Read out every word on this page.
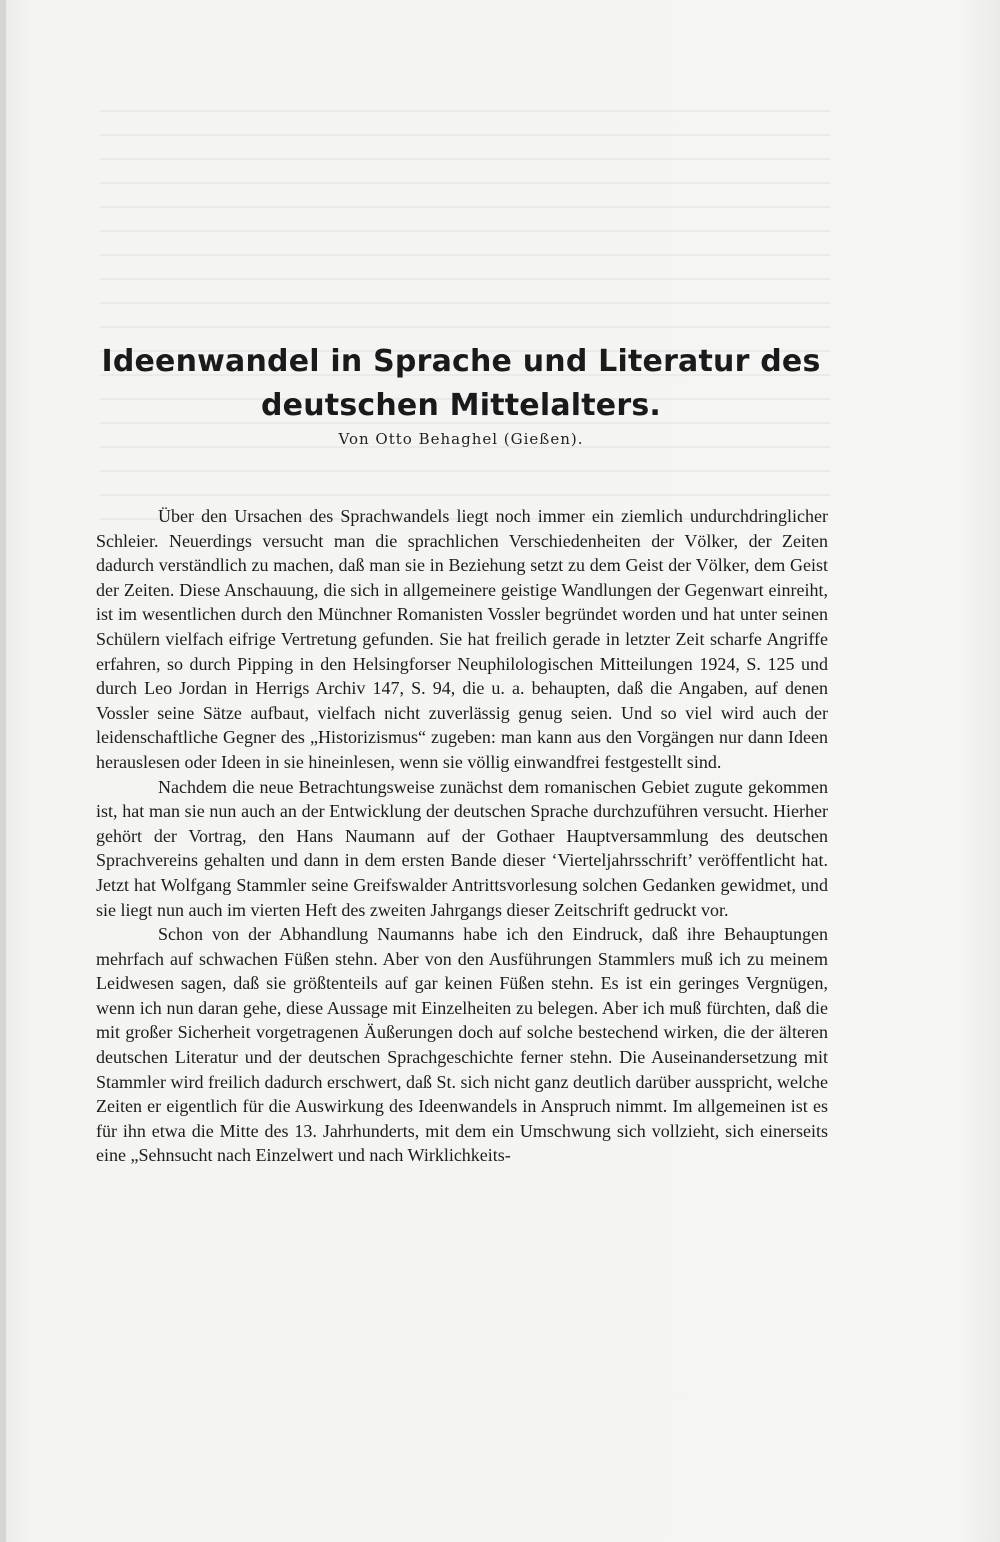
Ideenwandel in Sprache und Literatur des
deutschen Mittelalters.
Von Otto Behaghel (Gießen).

Über den Ursachen des Sprachwandels liegt noch immer ein ziemlich undurchdringlicher Schleier. Neuerdings versucht man die sprachlichen Verschiedenheiten der Völker, der Zeiten dadurch verständlich zu machen, daß man sie in Beziehung setzt zu dem Geist der Völker, dem Geist der Zeiten. Diese Anschauung, die sich in allgemeinere geistige Wandlungen der Gegenwart einreiht, ist im wesentlichen durch den Münchner Romanisten Vossler begründet worden und hat unter seinen Schülern vielfach eifrige Vertretung gefunden. Sie hat freilich gerade in letzter Zeit scharfe Angriffe erfahren, so durch Pipping in den Helsingforser Neuphilologischen Mitteilungen 1924, S. 125 und durch Leo Jordan in Herrigs Archiv 147, S. 94, die u. a. behaupten, daß die Angaben, auf denen Vossler seine Sätze aufbaut, vielfach nicht zuverlässig genug seien. Und so viel wird auch der leidenschaftliche Gegner des „Historizismus“ zugeben: man kann aus den Vorgängen nur dann Ideen herauslesen oder Ideen in sie hineinlesen, wenn sie völlig einwandfrei festgestellt sind.

Nachdem die neue Betrachtungsweise zunächst dem romanischen Gebiet zugute gekommen ist, hat man sie nun auch an der Entwicklung der deutschen Sprache durchzuführen versucht. Hierher gehört der Vortrag, den Hans Naumann auf der Gothaer Hauptversammlung des deutschen Sprachvereins gehalten und dann in dem ersten Bande dieser ‘Vierteljahrsschrift’ veröffentlicht hat. Jetzt hat Wolfgang Stammler seine Greifswalder Antrittsvorlesung solchen Gedanken gewidmet, und sie liegt nun auch im vierten Heft des zweiten Jahrgangs dieser Zeitschrift gedruckt vor.

Schon von der Abhandlung Naumanns habe ich den Eindruck, daß ihre Behauptungen mehrfach auf schwachen Füßen stehn. Aber von den Ausführungen Stammlers muß ich zu meinem Leidwesen sagen, daß sie größtenteils auf gar keinen Füßen stehn. Es ist ein geringes Vergnügen, wenn ich nun daran gehe, diese Aussage mit Einzelheiten zu belegen. Aber ich muß fürchten, daß die mit großer Sicherheit vorgetragenen Äußerungen doch auf solche bestechend wirken, die der älteren deutschen Literatur und der deutschen Sprachgeschichte ferner stehn. Die Auseinandersetzung mit Stammler wird freilich dadurch erschwert, daß St. sich nicht ganz deutlich darüber ausspricht, welche Zeiten er eigentlich für die Auswirkung des Ideenwandels in Anspruch nimmt. Im allgemeinen ist es für ihn etwa die Mitte des 13. Jahrhunderts, mit dem ein Umschwung sich vollzieht, sich einerseits eine „Sehnsucht nach Einzelwert und nach Wirklichkeits-
